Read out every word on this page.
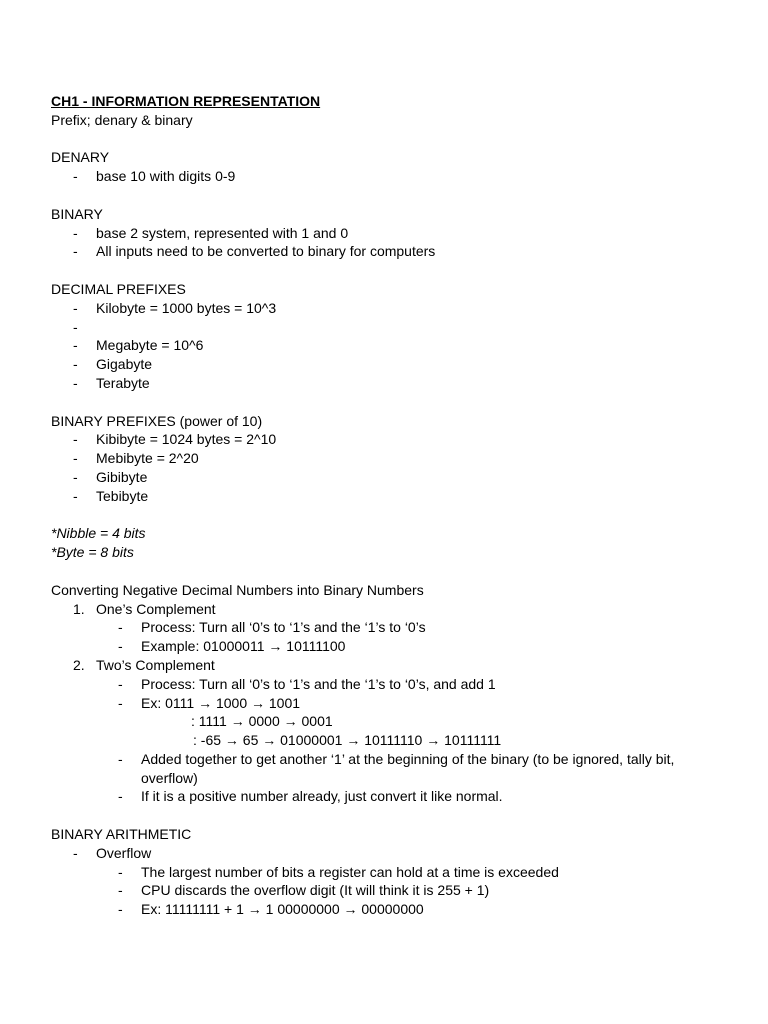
CH1 - INFORMATION REPRESENTATION
Prefix; denary & binary
DENARY
- base 10 with digits 0-9
BINARY
- base 2 system, represented with 1 and 0
- All inputs need to be converted to binary for computers
DECIMAL PREFIXES
- Kilobyte = 1000 bytes = 10^3
-
- Megabyte = 10^6
- Gigabyte
- Terabyte
BINARY PREFIXES (power of 10)
- Kibibyte = 1024 bytes = 2^10
- Mebibyte = 2^20
- Gibibyte
- Tebibyte
*Nibble = 4 bits
*Byte = 8 bits
Converting Negative Decimal Numbers into Binary Numbers
1. One’s Complement
- Process: Turn all ‘0’s to ‘1’s and the ‘1’s to ‘0’s
- Example: 01000011 → 10111100
2. Two’s Complement
- Process: Turn all ‘0’s to ‘1’s and the ‘1’s to ‘0’s, and add 1
- Ex: 0111 → 1000 → 1001
: 1111 → 0000 → 0001
: -65 → 65 → 01000001 → 10111110 → 10111111
- Added together to get another ‘1’ at the beginning of the binary (to be ignored, tally bit, overflow)
- If it is a positive number already, just convert it like normal.
BINARY ARITHMETIC
- Overflow
- The largest number of bits a register can hold at a time is exceeded
- CPU discards the overflow digit (It will think it is 255 + 1)
- Ex: 11111111 + 1 → 1 00000000 → 00000000
